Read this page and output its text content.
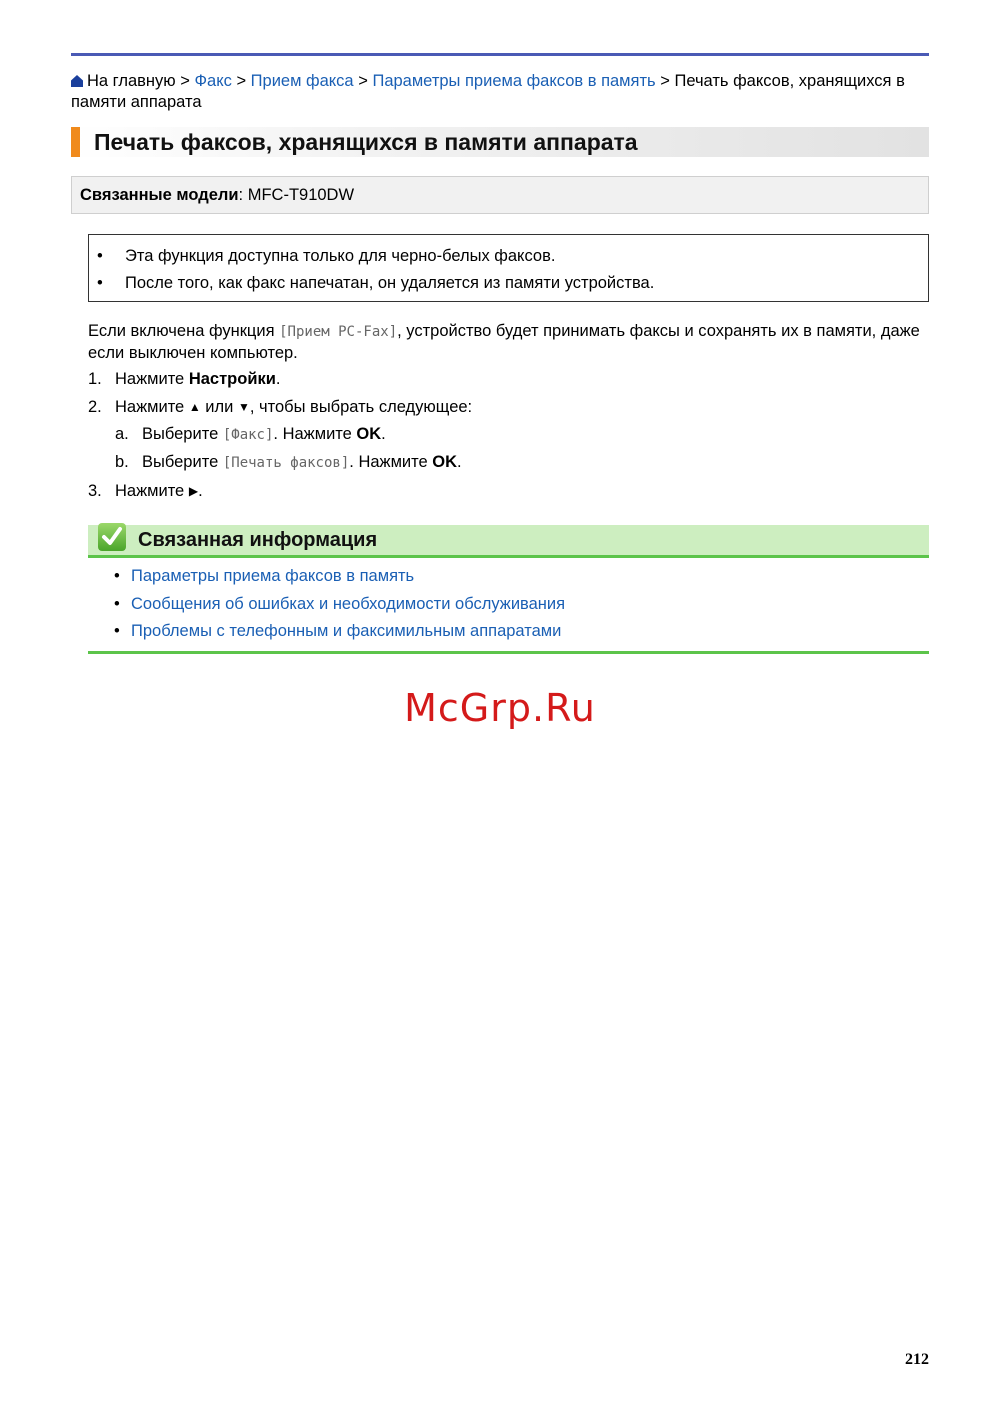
На главную > Факс > Прием факса > Параметры приема факсов в память > Печать факсов, хранящихся в памяти аппарата
Печать факсов, хранящихся в памяти аппарата
Связанные модели: MFC-T910DW
• Эта функция доступна только для черно-белых факсов.
• После того, как факс напечатан, он удаляется из памяти устройства.
Если включена функция [Прием PC-Fax], устройство будет принимать факсы и сохранять их в памяти, даже если выключен компьютер.
1. Нажмите Настройки.
2. Нажмите ▲ или ▼, чтобы выбрать следующее:
a. Выберите [Факс]. Нажмите OK.
b. Выберите [Печать факсов]. Нажмите OK.
3. Нажмите ▶.
Связанная информация
• Параметры приема факсов в память
• Сообщения об ошибках и необходимости обслуживания
• Проблемы с телефонным и факсимильным аппаратами
McGrp.Ru
212
